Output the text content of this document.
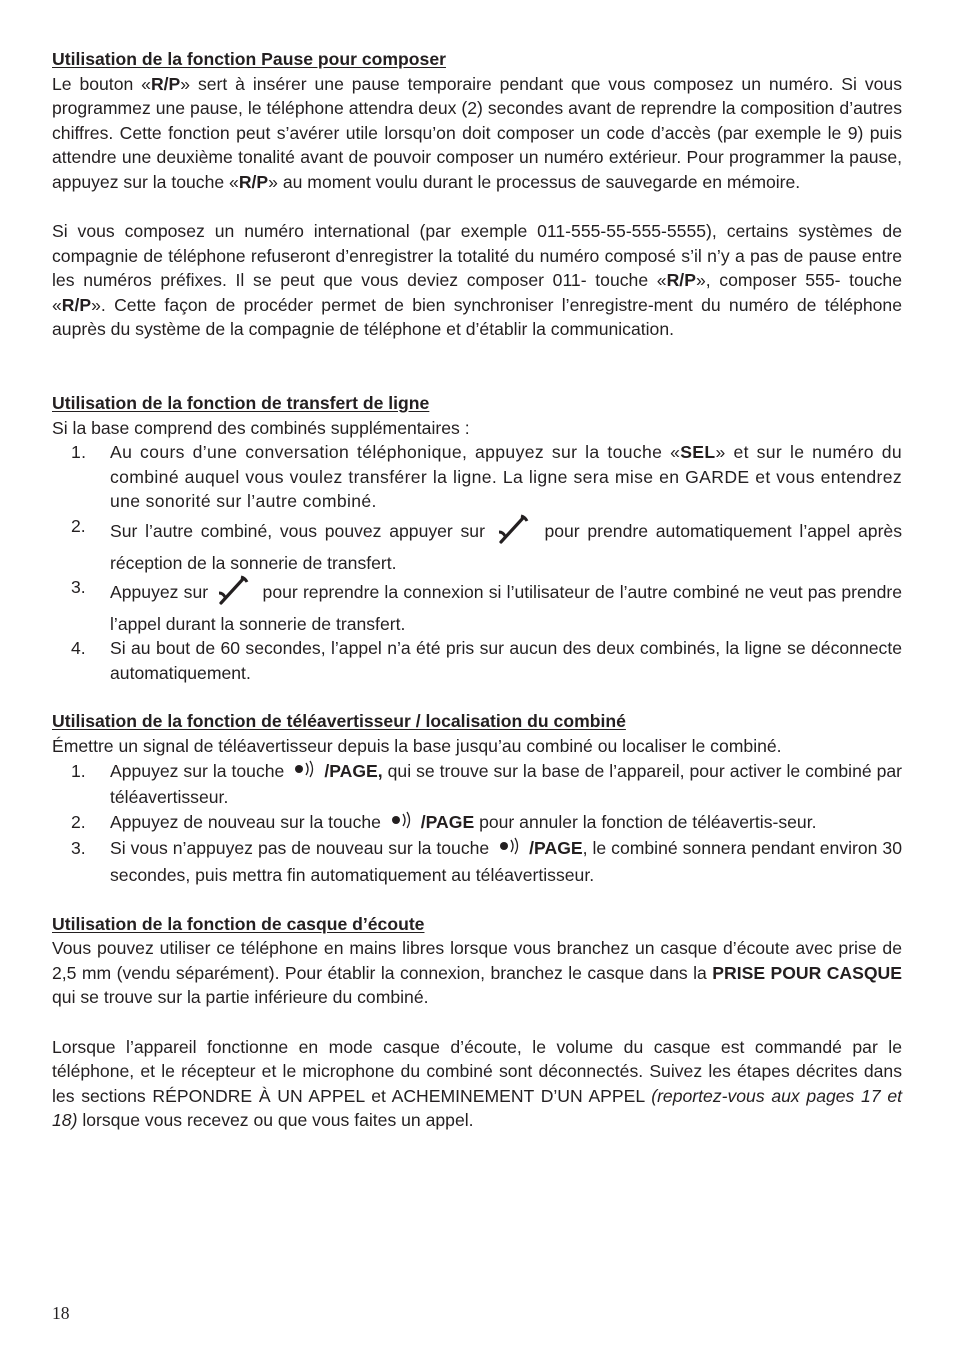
Utilisation de la fonction Pause pour composer

Le bouton «R/P» sert à insérer une pause temporaire pendant que vous composez un numéro. Si vous programmez une pause, le téléphone attendra deux (2) secondes avant de reprendre la composition d’autres chiffres. Cette fonction peut s’avérer utile lorsqu’on doit composer un code d’accès (par exemple le 9) puis attendre une deuxième tonalité avant de pouvoir composer un numéro extérieur. Pour programmer la pause, appuyez sur la touche «R/P» au moment voulu durant le processus de sauvegarde en mémoire.

Si vous composez un numéro international (par exemple 011-555-55-555-5555), certains systèmes de compagnie de téléphone refuseront d’enregistrer la totalité du numéro composé s’il n’y a pas de pause entre les numéros préfixes. Il se peut que vous deviez composer 011- touche «R/P», composer 555- touche «R/P». Cette façon de procéder permet de bien synchroniser l’enregistre-ment du numéro de téléphone auprès du système de la compagnie de téléphone et d’établir la communication.

Utilisation de la fonction de transfert de ligne

Si la base comprend des combinés supplémentaires :

1. Au cours d’une conversation téléphonique, appuyez sur la touche «SEL» et sur le numéro du combiné auquel vous voulez transférer la ligne. La ligne sera mise en GARDE et vous entendrez une sonorité sur l’autre combiné.
2. Sur l’autre combiné, vous pouvez appuyer sur	pour prendre automatiquement l’appel après réception de la sonnerie de transfert.
3. Appuyez sur	pour reprendre la connexion si l’utilisateur de l’autre combiné ne veut pas prendre l’appel durant la sonnerie de transfert.
4. Si au bout de 60 secondes, l’appel n’a été pris sur aucun des deux combinés, la ligne se déconnecte automatiquement.
Utilisation de la fonction de téléavertisseur / localisation du combiné

Émettre un signal de téléavertisseur depuis la base jusqu’au combiné ou localiser le combiné.

1. Appuyez sur la touche /PAGE, qui se trouve sur la base de l’appareil, pour activer le combiné par téléavertisseur.
2. Appuyez de nouveau sur la touche /PAGE pour annuler la fonction de téléavertis-seur.
3. Si vous n’appuyez pas de nouveau sur la touche /PAGE, le combiné sonnera pendant environ 30 secondes, puis mettra fin automatiquement au téléavertisseur.
Utilisation de la fonction de casque d’écoute

Vous pouvez utiliser ce téléphone en mains libres lorsque vous branchez un casque d’écoute avec prise de 2,5 mm (vendu séparément). Pour établir la connexion, branchez le casque dans la PRISE POUR CASQUE qui se trouve sur la partie inférieure du combiné.

Lorsque l’appareil fonctionne en mode casque d’écoute, le volume du casque est commandé par le téléphone, et le récepteur et le microphone du combiné sont déconnectés. Suivez les étapes décrites dans les sections RÉPONDRE À UN APPEL et ACHEMINEMENT D’UN APPEL (reportez-vous aux pages 17 et 18) lorsque vous recevez ou que vous faites un appel.

18
